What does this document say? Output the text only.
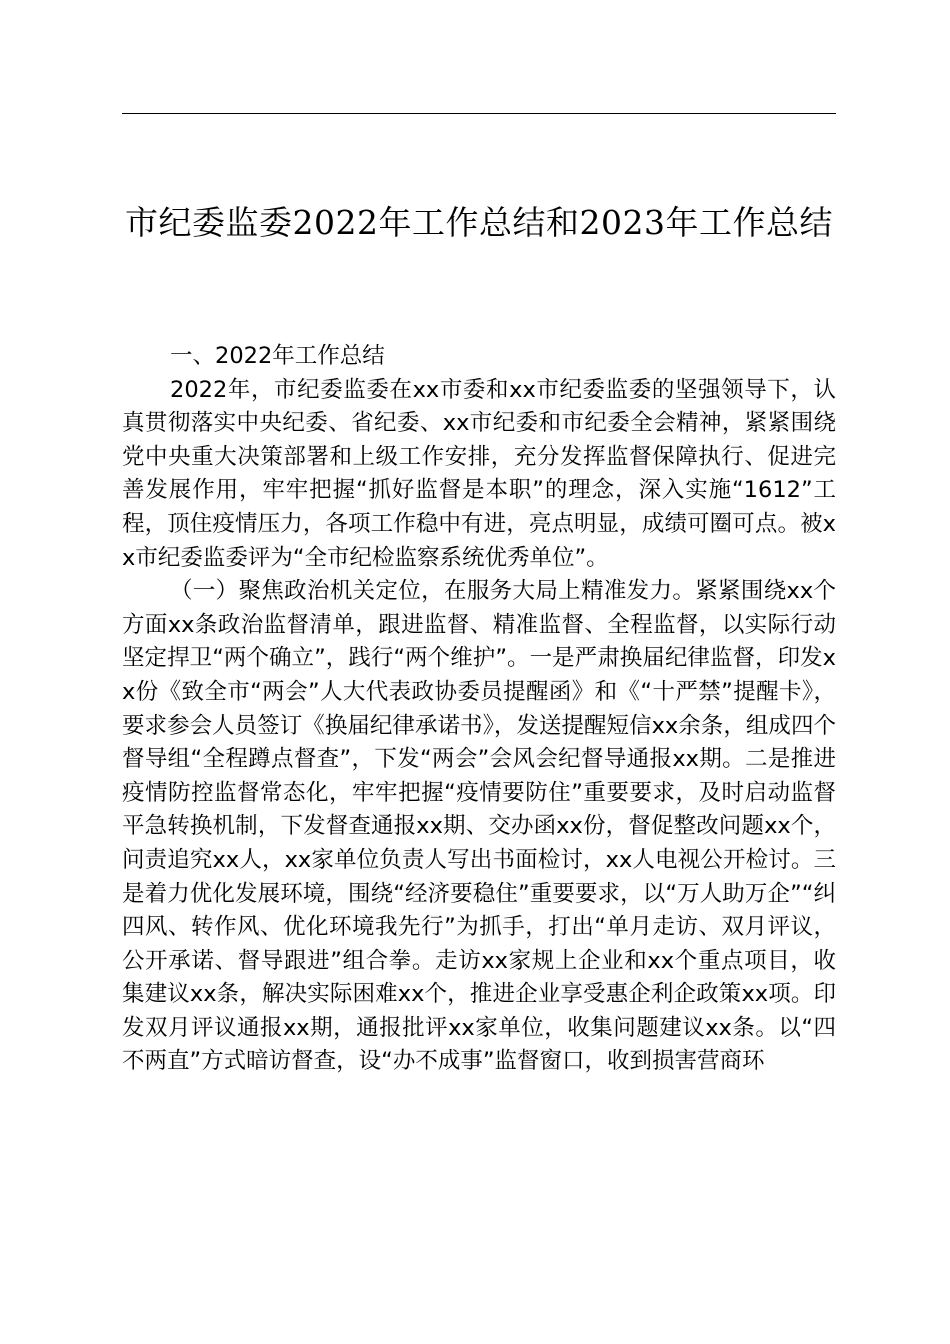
市纪委监委2022年工作总结和2023年工作总结

一、2022年工作总结

2022年，市纪委监委在xx市委和xx市纪委监委的坚强领导下，认真贯彻落实中央纪委、省纪委、xx市纪委和市纪委全会精神，紧紧围绕党中央重大决策部署和上级工作安排，充分发挥监督保障执行、促进完善发展作用，牢牢把握“抓好监督是本职”的理念，深入实施“1612”工程，顶住疫情压力，各项工作稳中有进，亮点明显，成绩可圈可点。被xx市纪委监委评为“全市纪检监察系统优秀单位”。

（一）聚焦政治机关定位，在服务大局上精准发力。紧紧围绕xx个方面xx条政治监督清单，跟进监督、精准监督、全程监督，以实际行动坚定捍卫“两个确立”，践行“两个维护”。一是严肃换届纪律监督，印发xx份《致全市“两会”人大代表政协委员提醒函》和《“十严禁”提醒卡》，要求参会人员签订《换届纪律承诺书》，发送提醒短信xx余条，组成四个督导组“全程蹲点督查”，下发“两会”会风会纪督导通报xx期。二是推进疫情防控监督常态化，牢牢把握“疫情要防住”重要要求，及时启动监督平急转换机制，下发督查通报xx期、交办函xx份，督促整改问题xx个，问责追究xx人，xx家单位负责人写出书面检讨，xx人电视公开检讨。三是着力优化发展环境，围绕“经济要稳住”重要要求，以“万人助万企”“纠四风、转作风、优化环境我先行”为抓手，打出“单月走访、双月评议，公开承诺、督导跟进”组合拳。走访xx家规上企业和xx个重点项目，收集建议xx条，解决实际困难xx个，推进企业享受惠企利企政策xx项。印发双月评议通报xx期，通报批评xx家单位，收集问题建议xx条。以“四不两直”方式暗访督查，设“办不成事”监督窗口，收到损害营商环
